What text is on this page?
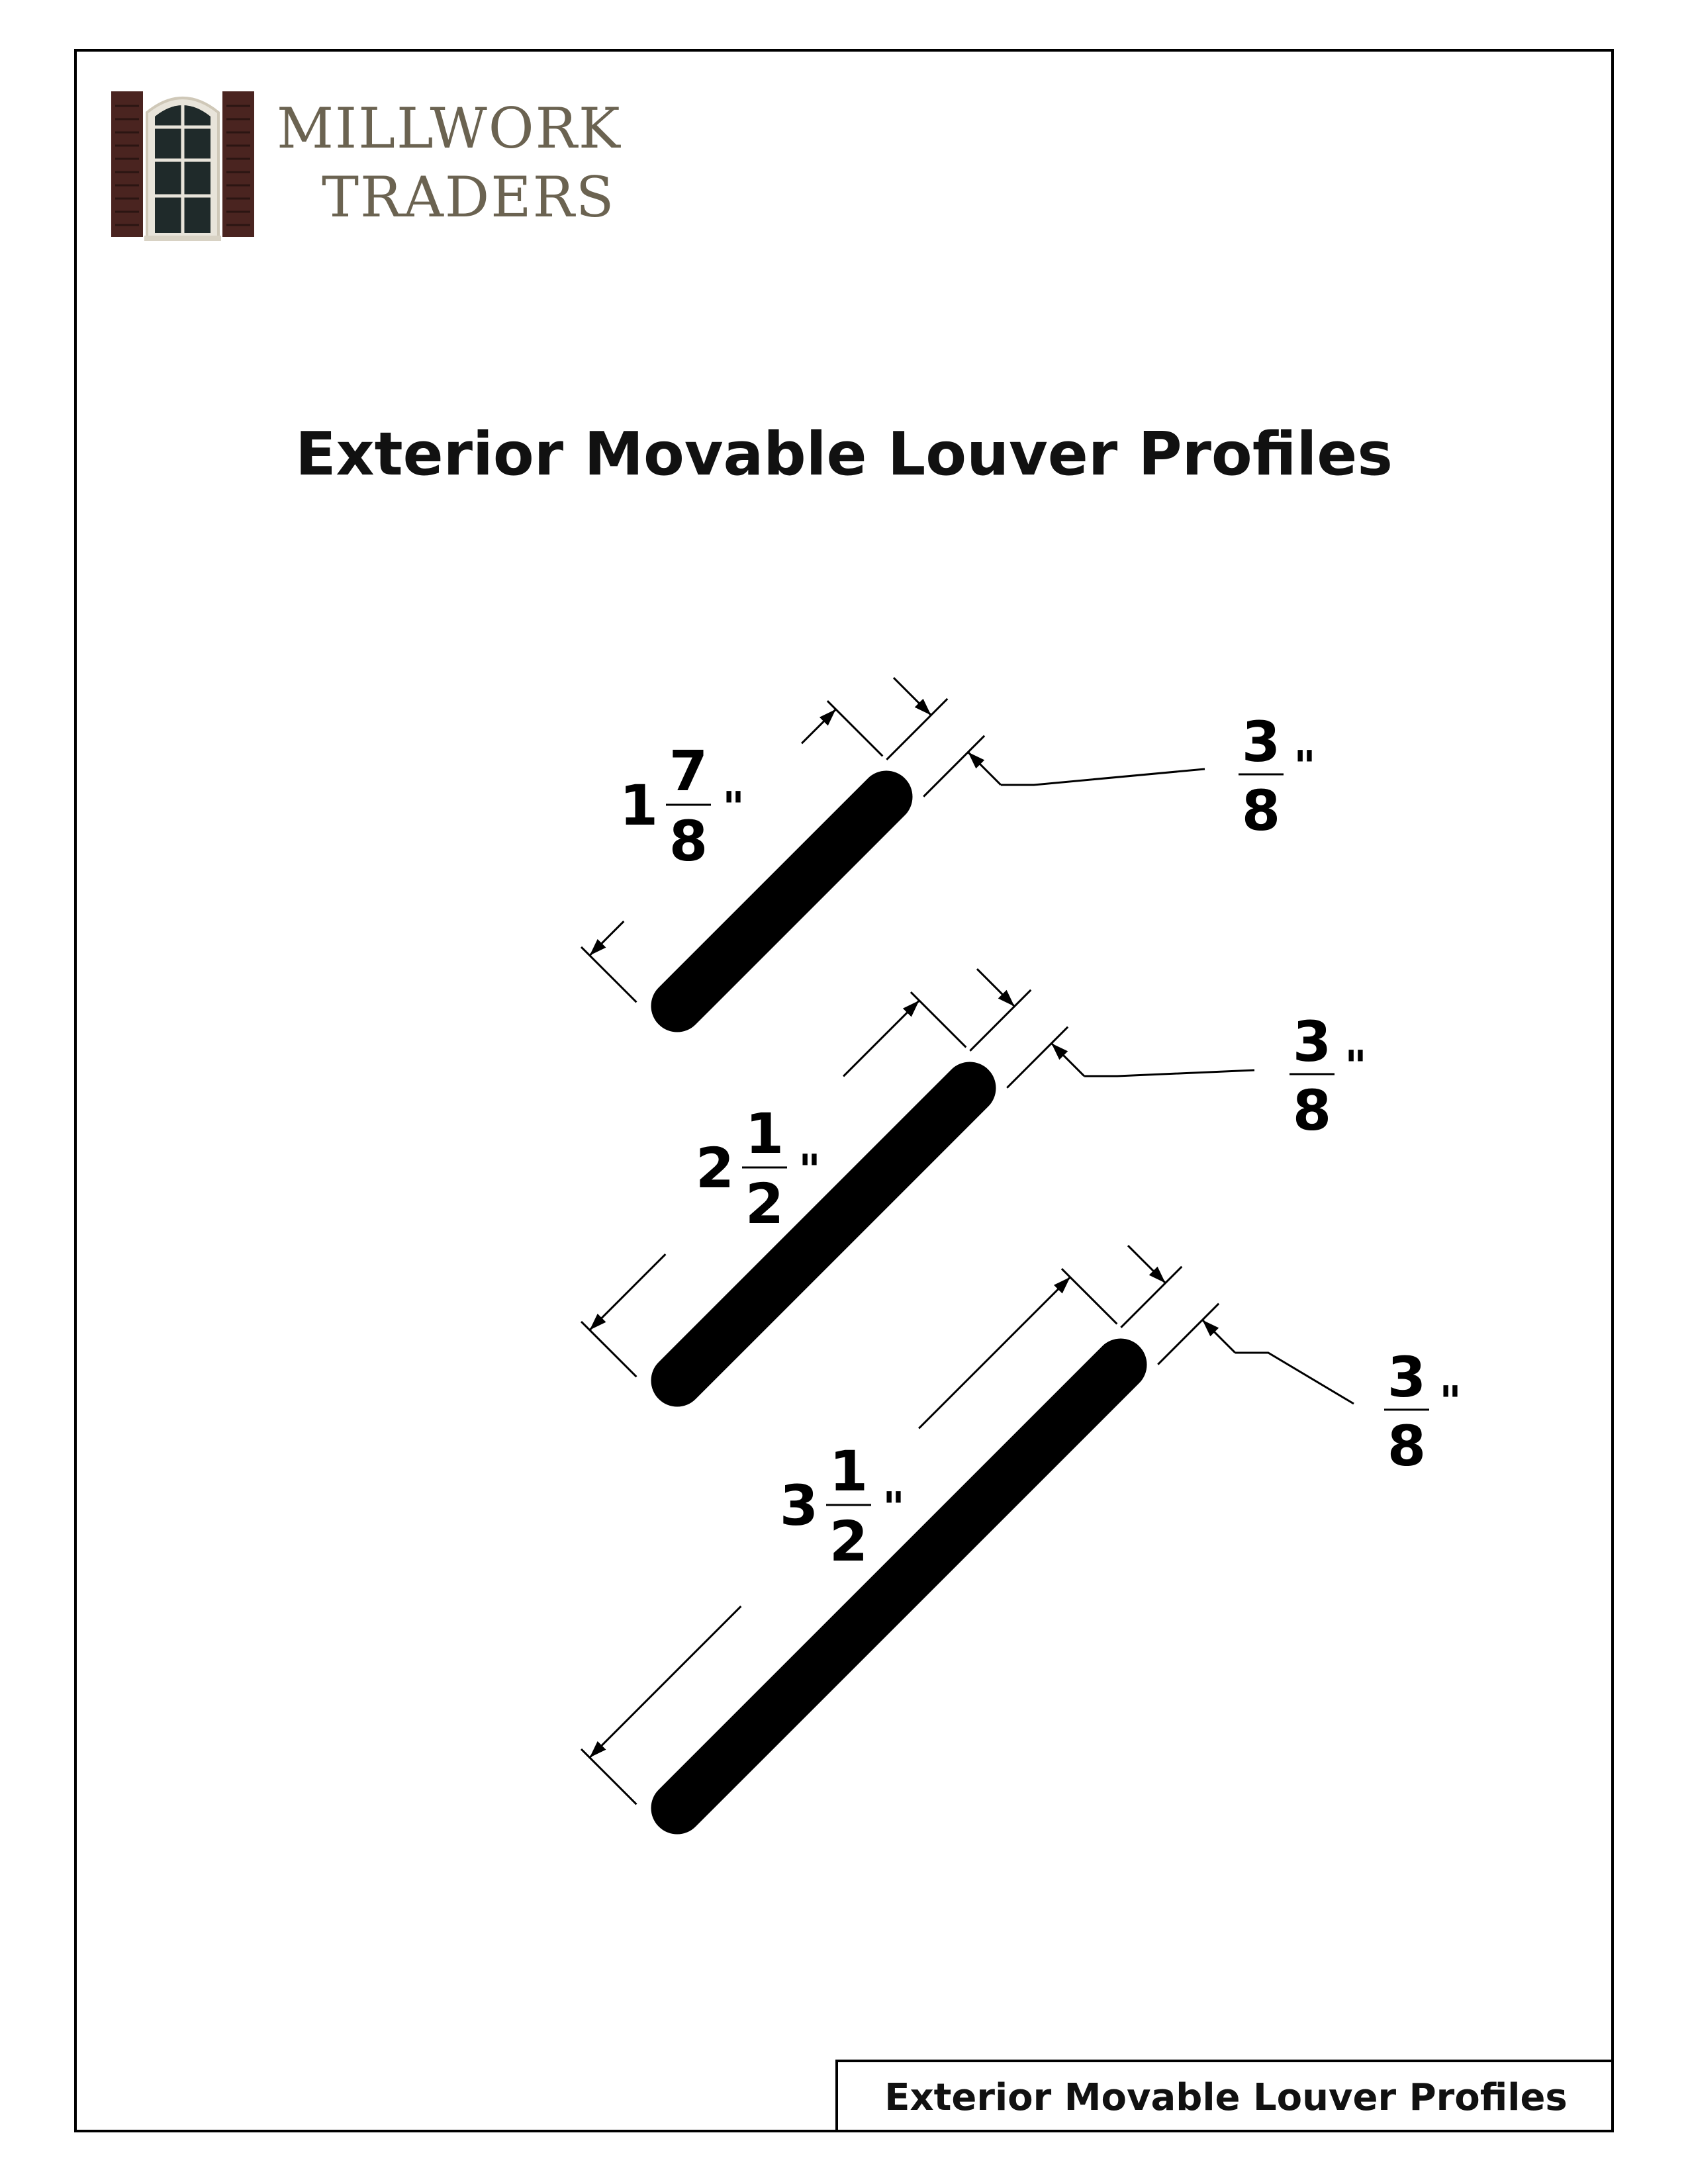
MILLWORK
TRADERS
Exterior Movable Louver Profiles
1
7
8
"
3
8
"
2
1
2
"
3
8
"
3
1
2
"
3
8
"
Exterior Movable Louver Profiles
